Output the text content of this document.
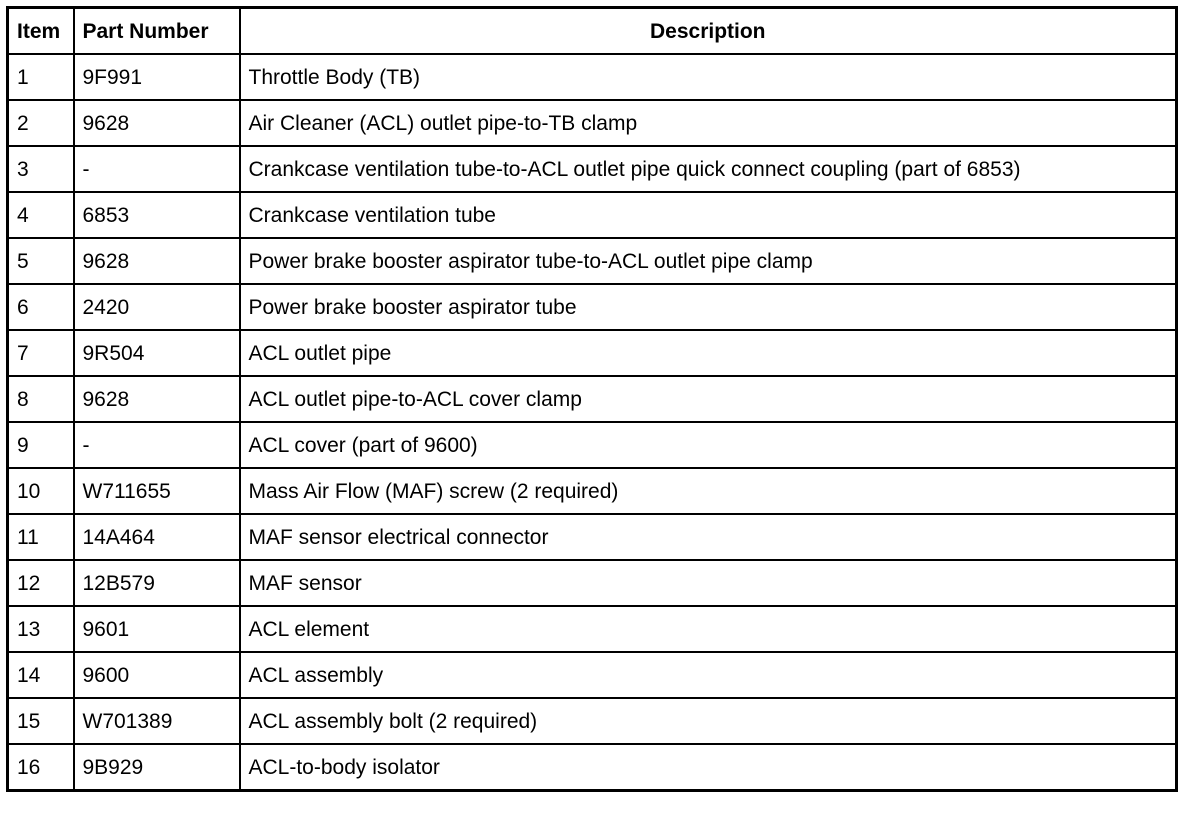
Item	Part Number	Description
1	9F991	Throttle Body (TB)
2	9628	Air Cleaner (ACL) outlet pipe-to-TB clamp
3	-	Crankcase ventilation tube-to-ACL outlet pipe quick connect coupling (part of 6853)
4	6853	Crankcase ventilation tube
5	9628	Power brake booster aspirator tube-to-ACL outlet pipe clamp
6	2420	Power brake booster aspirator tube
7	9R504	ACL outlet pipe
8	9628	ACL outlet pipe-to-ACL cover clamp
9	-	ACL cover (part of 9600)
10	W711655	Mass Air Flow (MAF) screw (2 required)
11	14A464	MAF sensor electrical connector
12	12B579	MAF sensor
13	9601	ACL element
14	9600	ACL assembly
15	W701389	ACL assembly bolt (2 required)
16	9B929	ACL-to-body isolator
